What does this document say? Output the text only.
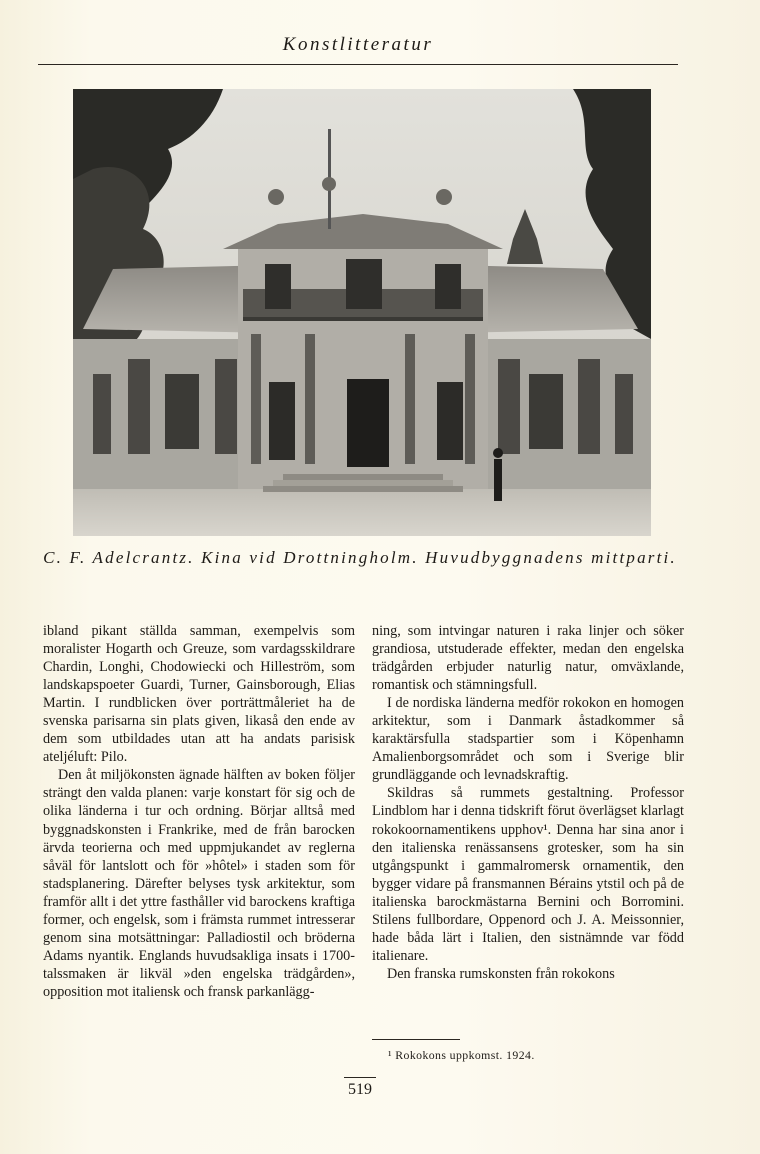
Konstlitteratur
C. F. Adelcrantz. Kina vid Drottningholm. Huvudbyggnadens mittparti.

ibland pikant ställda samman, exempelvis som moralister Hogarth och Greuze, som vardagsskildrare Chardin, Longhi, Chodowiecki och Hilleström, som landskapspoeter Guardi, Turner, Gainsborough, Elias Martin. I rundblicken över porträttmåleriet ha de svenska parisarna sin plats given, likaså den ende av dem som utbildades utan att ha andats parisisk ateljéluft: Pilo.

Den åt miljökonsten ägnade hälften av boken följer strängt den valda planen: varje konstart för sig och de olika länderna i tur och ordning. Börjar alltså med byggnadskonsten i Frankrike, med de från barocken ärvda teorierna och med uppmjukandet av reglerna såväl för lantslott och för »hôtel» i staden som för stadsplanering. Därefter belyses tysk arkitektur, som framför allt i det yttre fasthåller vid barockens kraftiga former, och engelsk, som i främsta rummet intresserar genom sina motsättningar: Palladiostil och bröderna Adams nyantik. Englands huvudsakliga insats i 1700-talssmaken är likväl »den engelska trädgården», opposition mot italiensk och fransk parkanlägg-

ning, som intvingar naturen i raka linjer och söker grandiosa, utstuderade effekter, medan den engelska trädgården erbjuder naturlig natur, omväxlande, romantisk och stämningsfull.

I de nordiska länderna medför rokokon en homogen arkitektur, som i Danmark åstadkommer så karaktärsfulla stadspartier som i Köpenhamn Amalienborgsområdet och som i Sverige blir grundläggande och levnadskraftig.

Skildras så rummets gestaltning. Professor Lindblom har i denna tidskrift förut överlägset klarlagt rokokoornamentikens upphov¹. Denna har sina anor i den italienska renässansens grotesker, som ha sin utgångspunkt i gammalromersk ornamentik, den bygger vidare på fransmannen Bérains ytstil och på de italienska barockmästarna Bernini och Borromini. Stilens fullbordare, Oppenord och J. A. Meissonnier, hade båda lärt i Italien, den sistnämnde var född italienare.

Den franska rumskonsten från rokokons

¹ Rokokons uppkomst. 1924.
519
